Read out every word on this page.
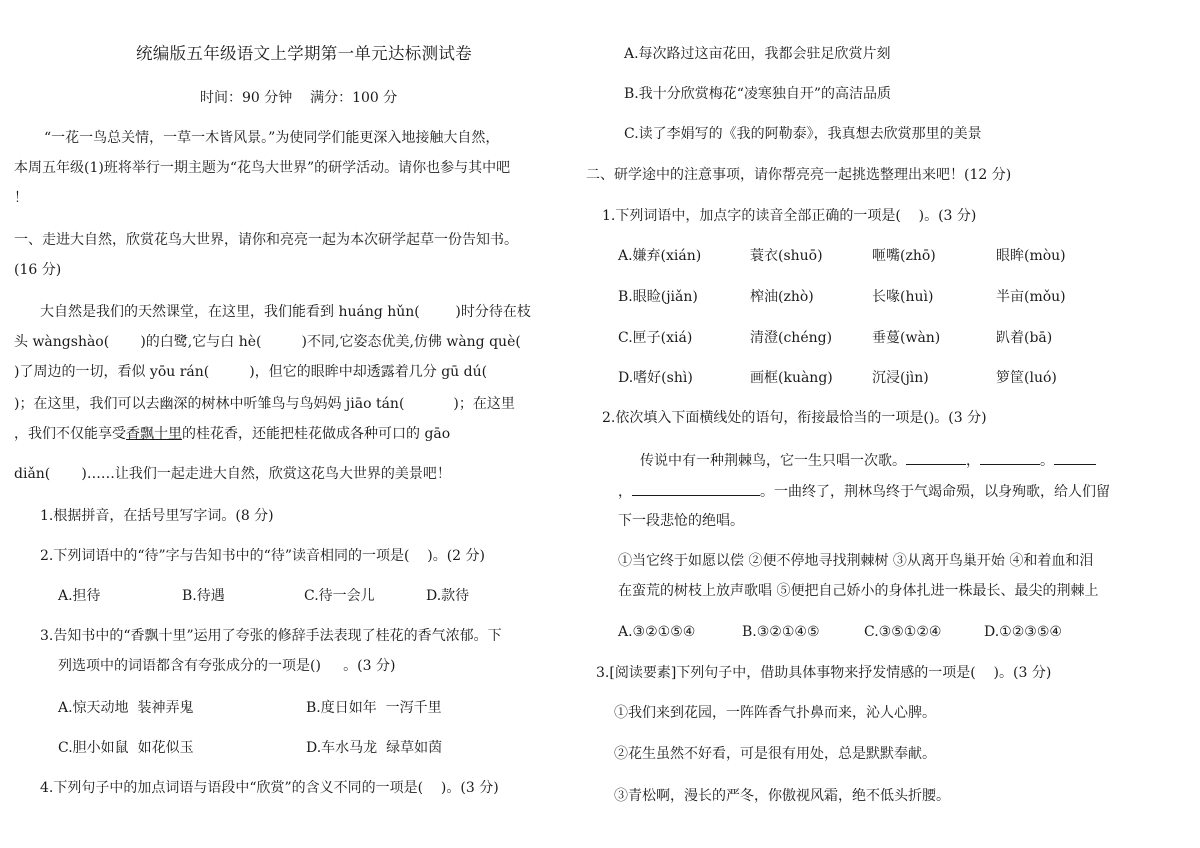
统编版五年级语文上学期第一单元达标测试卷
时间：90 分钟    满分：100 分
“一花一鸟总关情，一草一木皆风景。”为使同学们能更深入地接触大自然，
本周五年级(1)班将举行一期主题为“花鸟大世界”的研学活动。请你也参与其中吧
！
一、走进大自然，欣赏花鸟大世界，请你和亮亮一起为本次研学起草一份告知书。
(16 分)
大自然是我们的天然课堂，在这里，我们能看到 huáng hǔn(        )时分待在枝
头 wàngshào(       )的白鹭,它与白 hè(         )不同,它姿态优美,仿佛 wàng què(
)了周边的一切，看似 yōu rán(         )，但它的眼眸中却透露着几分 gū dú(
)；在这里，我们可以去幽深的树林中听雏鸟与鸟妈妈 jiāo tán(           )；在这里
，我们不仅能享受香飘十里的桂花香，还能把桂花做成各种可口的 gāo
diǎn(       )……让我们一起走进大自然，欣赏这花鸟大世界的美景吧！
1.根据拼音，在括号里写字词。(8 分)
2.下列词语中的“待”字与告知书中的“待”读音相同的一项是(    )。(2 分)
A.担待	B.待遇	C.待一会儿	D.款待
3.告知书中的“香飘十里”运用了夸张的修辞手法表现了桂花的香气浓郁。下
列选项中的词语都含有夸张成分的一项是()     。(3 分)
A.惊天动地  装神弄鬼	B.度日如年  一泻千里
C.胆小如鼠  如花似玉	D.车水马龙  绿草如茵
4.下列句子中的加点词语与语段中“欣赏”的含义不同的一项是(    )。(3 分)
A.每次路过这亩花田，我都会驻足欣赏片刻
B.我十分欣赏梅花“凌寒独自开”的高洁品质
C.读了李娟写的《我的阿勒泰》，我真想去欣赏那里的美景
二、研学途中的注意事项，请你帮亮亮一起挑选整理出来吧！(12 分)
1.下列词语中，加点字的读音全部正确的一项是(    )。(3 分)
A.嫌弃(xián)	蓑衣(shuō)	咂嘴(zhō)	眼眸(mòu)
B.眼睑(jiǎn)	榨油(zhò)	长喙(huì)	半亩(mǒu)
C.匣子(xiá)	清澄(chéng)	垂蔓(wàn)	趴着(bā)
D.嗜好(shì)	画框(kuàng)	沉浸(jìn)	箩筐(luó)
2.依次填入下面横线处的语句，衔接最恰当的一项是()。(3 分)
传说中有一种荆棘鸟，它一生只唱一次歌。	，	。
，	。一曲终了，荆林鸟终于气竭命殒，以身殉歌，给人们留
下一段悲怆的绝唱。
①当它终于如愿以偿 ②便不停地寻找荆棘树 ③从离开鸟巢开始 ④和着血和泪
在蛮荒的树枝上放声歌唱 ⑤便把自己娇小的身体扎进一株最长、最尖的荆棘上
A.③②①⑤④	B.③②①④⑤	C.③⑤①②④	D.①②③⑤④
3.[阅读要素]下列句子中，借助具体事物来抒发情感的一项是(    )。(3 分)
①我们来到花园，一阵阵香气扑鼻而来，沁人心脾。
②花生虽然不好看，可是很有用处，总是默默奉献。
③青松啊，漫长的严冬，你傲视风霜，绝不低头折腰。
